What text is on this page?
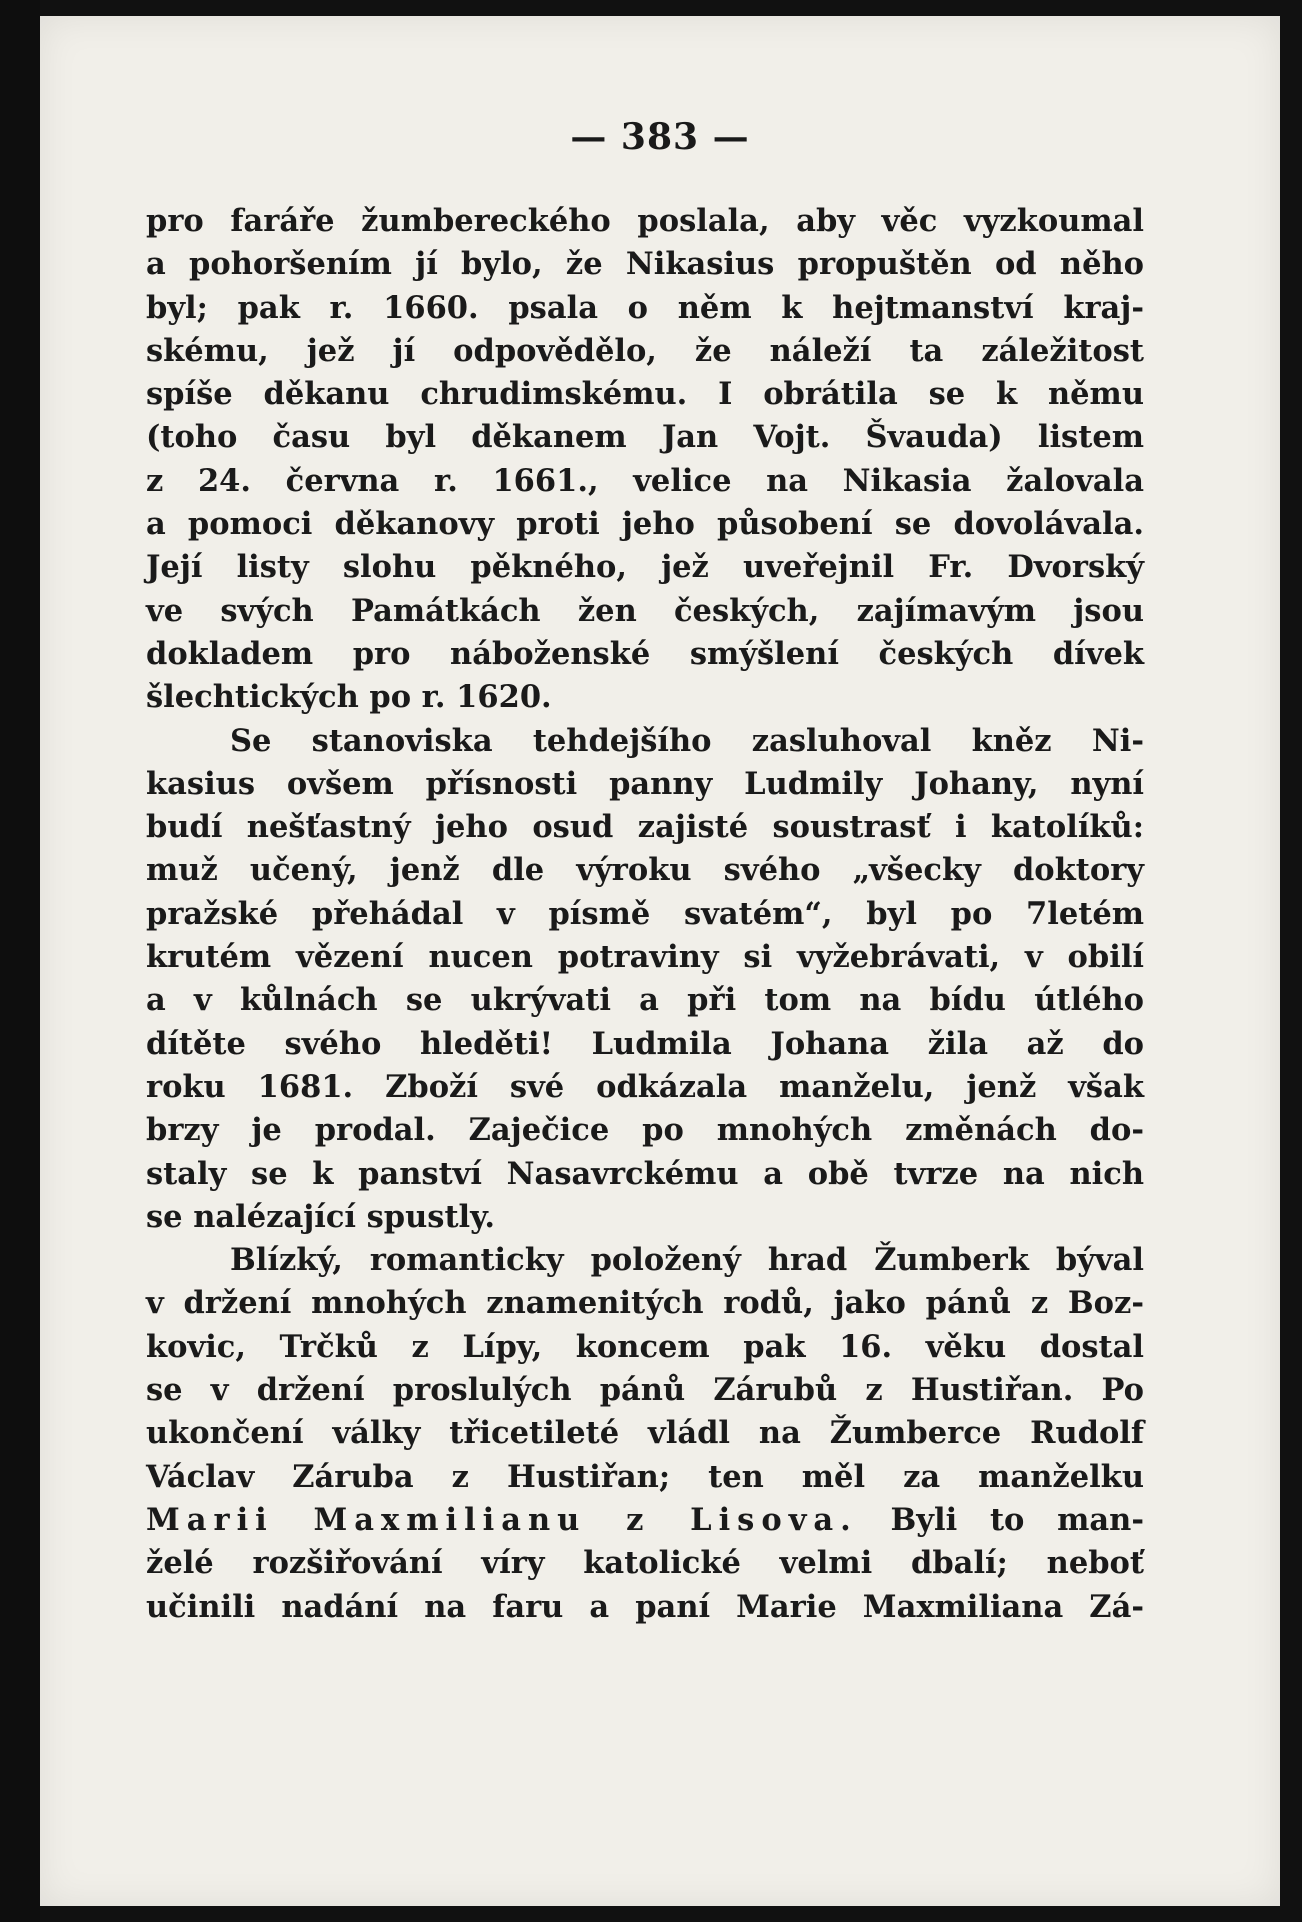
— 383 —
pro faráře žumbereckého poslala, aby věc vyzkoumal
a pohoršením jí bylo, že Nikasius propuštěn od něho
byl; pak r. 1660. psala o něm k hejtmanství kraj-
skému, jež jí odpovědělo, že náleží ta záležitost
spíše děkanu chrudimskému. I obrátila se k němu
(toho času byl děkanem Jan Vojt. Švauda) listem
z 24. června r. 1661., velice na Nikasia žalovala
a pomoci děkanovy proti jeho působení se dovolávala.
Její listy slohu pěkného, jež uveřejnil Fr. Dvorský
ve svých Památkách žen českých, zajímavým jsou
dokladem pro náboženské smýšlení českých dívek
šlechtických po r. 1620.
Se stanoviska tehdejšího zasluhoval kněz Ni-
kasius ovšem přísnosti panny Ludmily Johany, nyní
budí nešťastný jeho osud zajisté soustrasť i katolíků:
muž učený, jenž dle výroku svého „všecky doktory
pražské přehádal v písmě svatém“, byl po 7letém
krutém vězení nucen potraviny si vyžebrávati, v obilí
a v kůlnách se ukrývati a při tom na bídu útlého
dítěte svého hleděti! Ludmila Johana žila až do
roku 1681. Zboží své odkázala manželu, jenž však
brzy je prodal. Zaječice po mnohých změnách do-
staly se k panství Nasavrckému a obě tvrze na nich
se nalézající spustly.
Blízký, romanticky položený hrad Žumberk býval
v držení mnohých znamenitých rodů, jako pánů z Boz-
kovic, Trčků z Lípy, koncem pak 16. věku dostal
se v držení proslulých pánů Zárubů z Hustiřan. Po
ukončení války třicetileté vládl na Žumberce Rudolf
Václav Záruba z Hustiřan; ten měl za manželku
Marii Maxmilianu z Lisova. Byli to man-
želé rozšiřování víry katolické velmi dbalí; neboť
učinili nadání na faru a paní Marie Maxmiliana Zá-
